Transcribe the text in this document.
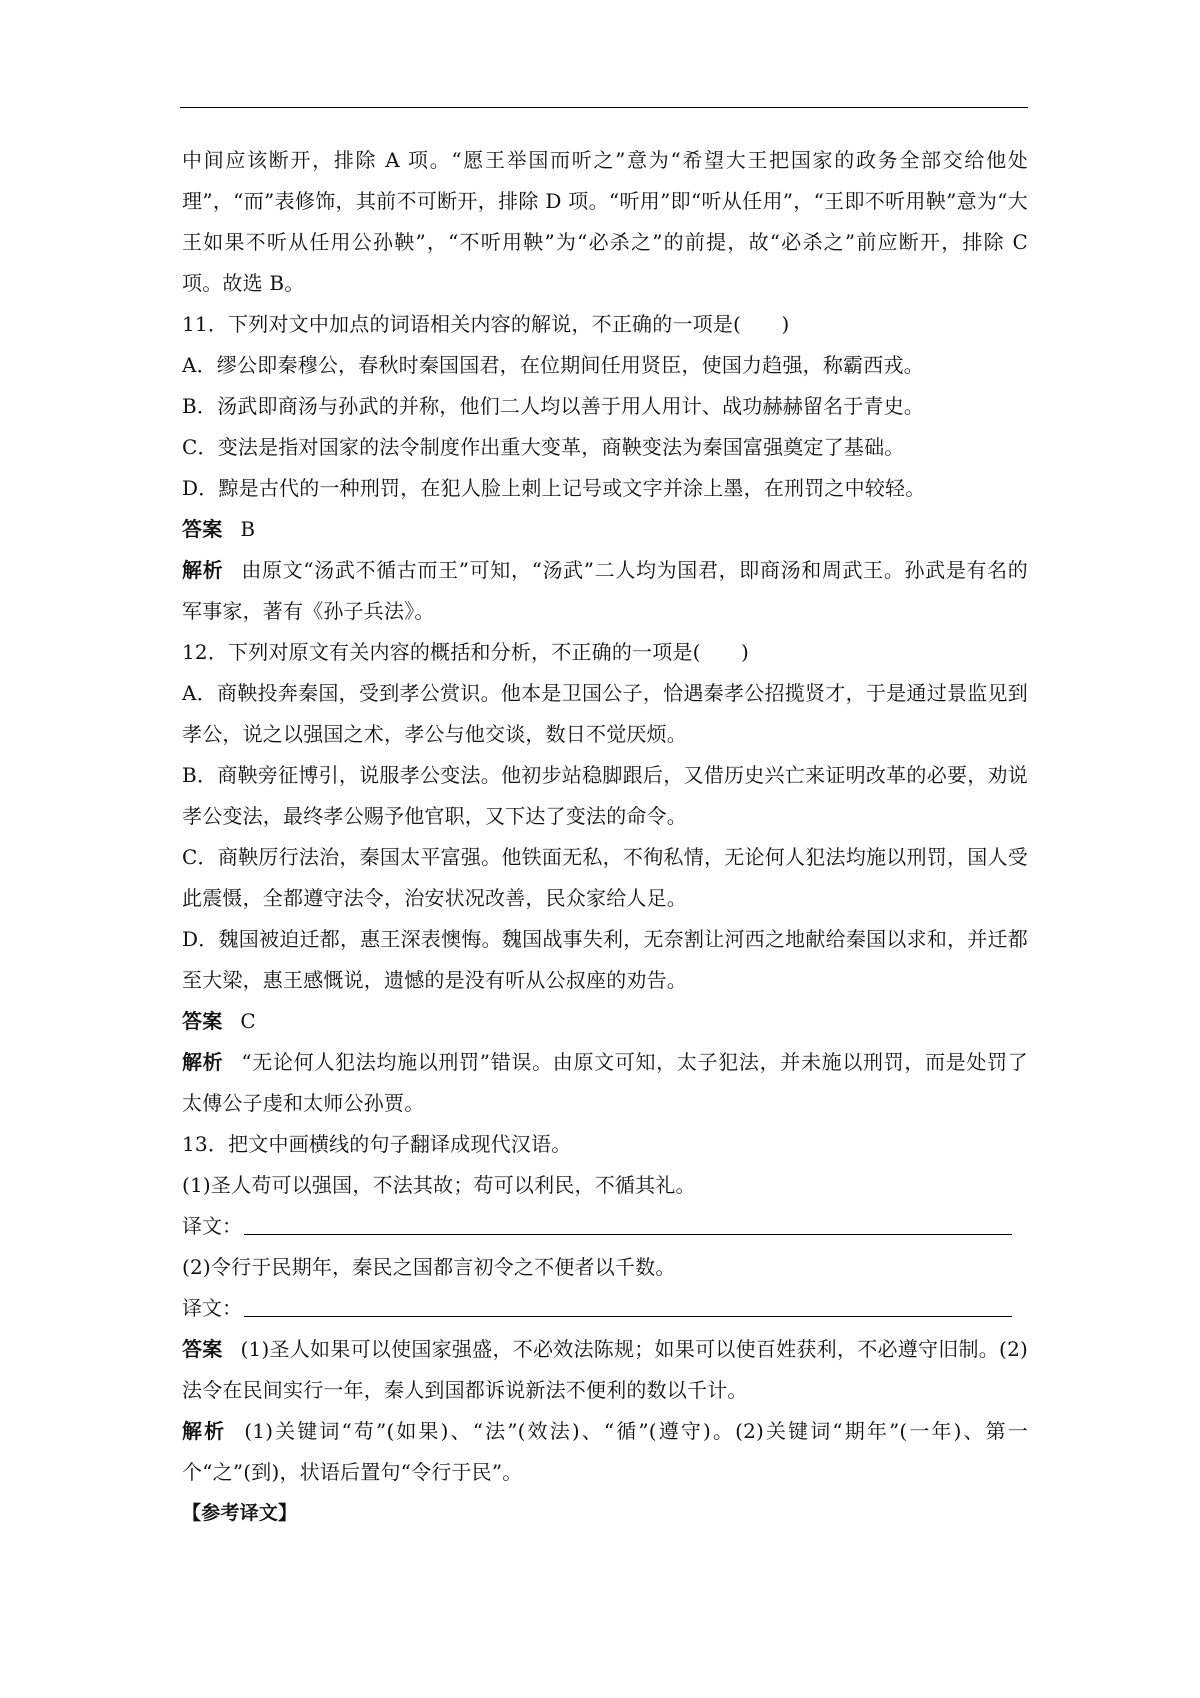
中间应该断开，排除 A 项。“愿王举国而听之”意为“希望大王把国家的政务全部交给他处理”，“而”表修饰，其前不可断开，排除 D 项。“听用”即“听从任用”，“王即不听用鞅”意为“大王如果不听从任用公孙鞅”，“不听用鞅”为“必杀之”的前提，故“必杀之”前应断开，排除 C 项。故选 B。

11．下列对文中加点的词语相关内容的解说，不正确的一项是(　　)

A．缪公即秦穆公，春秋时秦国国君，在位期间任用贤臣，使国力趋强，称霸西戎。

B．汤武即商汤与孙武的并称，他们二人均以善于用人用计、战功赫赫留名于青史。

C．变法是指对国家的法令制度作出重大变革，商鞅变法为秦国富强奠定了基础。

D．黥是古代的一种刑罚，在犯人脸上刺上记号或文字并涂上墨，在刑罚之中较轻。

答案 B

解析 由原文“汤武不循古而王”可知，“汤武”二人均为国君，即商汤和周武王。孙武是有名的军事家，著有《孙子兵法》。

12．下列对原文有关内容的概括和分析，不正确的一项是(　　)

A．商鞅投奔秦国，受到孝公赏识。他本是卫国公子，恰遇秦孝公招揽贤才，于是通过景监见到孝公，说之以强国之术，孝公与他交谈，数日不觉厌烦。

B．商鞅旁征博引，说服孝公变法。他初步站稳脚跟后，又借历史兴亡来证明改革的必要，劝说孝公变法，最终孝公赐予他官职，又下达了变法的命令。

C．商鞅厉行法治，秦国太平富强。他铁面无私，不徇私情，无论何人犯法均施以刑罚，国人受此震慑，全都遵守法令，治安状况改善，民众家给人足。

D．魏国被迫迁都，惠王深表懊悔。魏国战事失利，无奈割让河西之地献给秦国以求和，并迁都至大梁，惠王感慨说，遗憾的是没有听从公叔座的劝告。

答案 C

解析 “无论何人犯法均施以刑罚”错误。由原文可知，太子犯法，并未施以刑罚，而是处罚了太傅公子虔和太师公孙贾。

13．把文中画横线的句子翻译成现代汉语。

(1)圣人苟可以强国，不法其故；苟可以利民，不循其礼。

译文：

(2)令行于民期年，秦民之国都言初令之不便者以千数。

译文：

答案 (1)圣人如果可以使国家强盛，不必效法陈规；如果可以使百姓获利，不必遵守旧制。(2)法令在民间实行一年，秦人到国都诉说新法不便利的数以千计。

解析 (1)关键词“苟”(如果)、“法”(效法)、“循”(遵守)。(2)关键词“期年”(一年)、第一个“之”(到)，状语后置句“令行于民”。

【参考译文】
